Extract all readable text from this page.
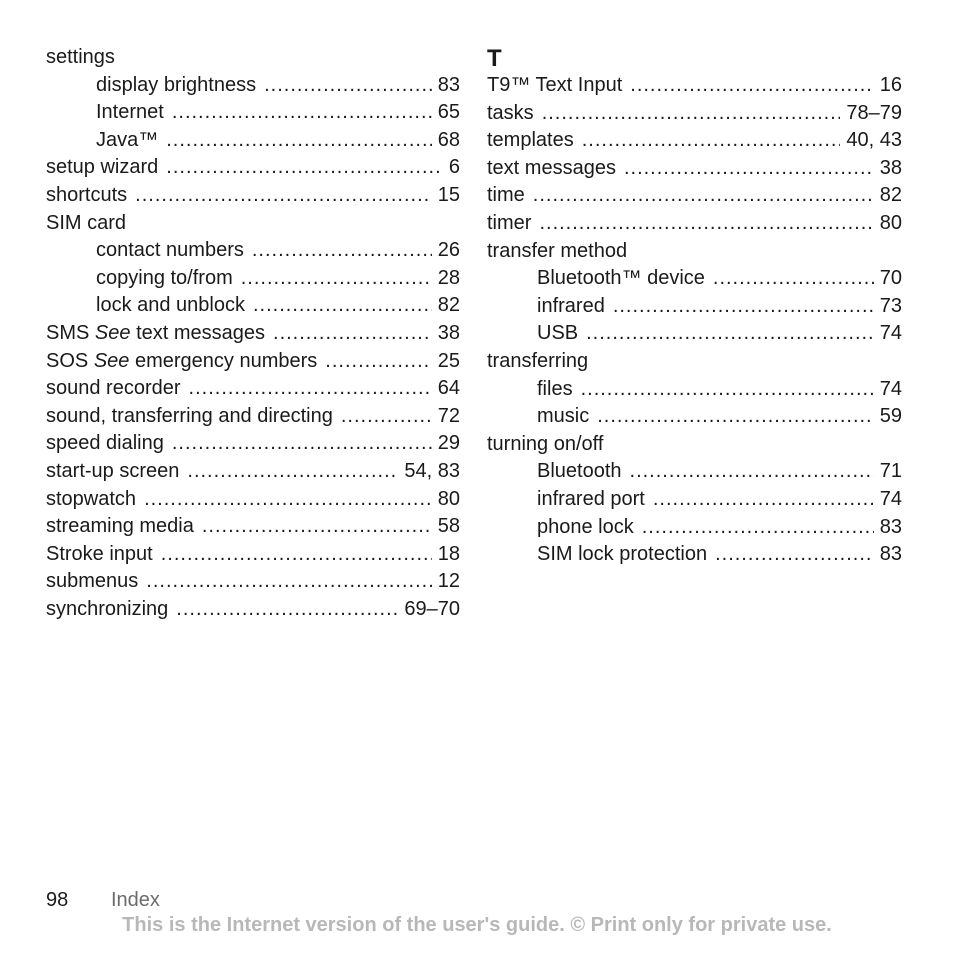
settings
display brightness .....	83
Internet .....	65
Java™ .....	68
setup wizard .....	6
shortcuts .....	15
SIM card
contact numbers .....	26
copying to/from .....	28
lock and unblock .....	82
SMS See text messages .....	38
SOS See emergency numbers .....	25
sound recorder .....	64
sound, transferring and directing .....	72
speed dialing .....	29
start-up screen .....	54, 83
stopwatch .....	80
streaming media .....	58
Stroke input .....	18
submenus .....	12
synchronizing .....	69–70
T
T9™ Text Input .....	16
tasks .....	78–79
templates .....	40, 43
text messages .....	38
time .....	82
timer .....	80
transfer method
Bluetooth™ device .....	70
infrared .....	73
USB .....	74
transferring
files .....	74
music .....	59
turning on/off
Bluetooth .....	71
infrared port .....	74
phone lock .....	83
SIM lock protection .....	83
98 Index
This is the Internet version of the user's guide. © Print only for private use.
